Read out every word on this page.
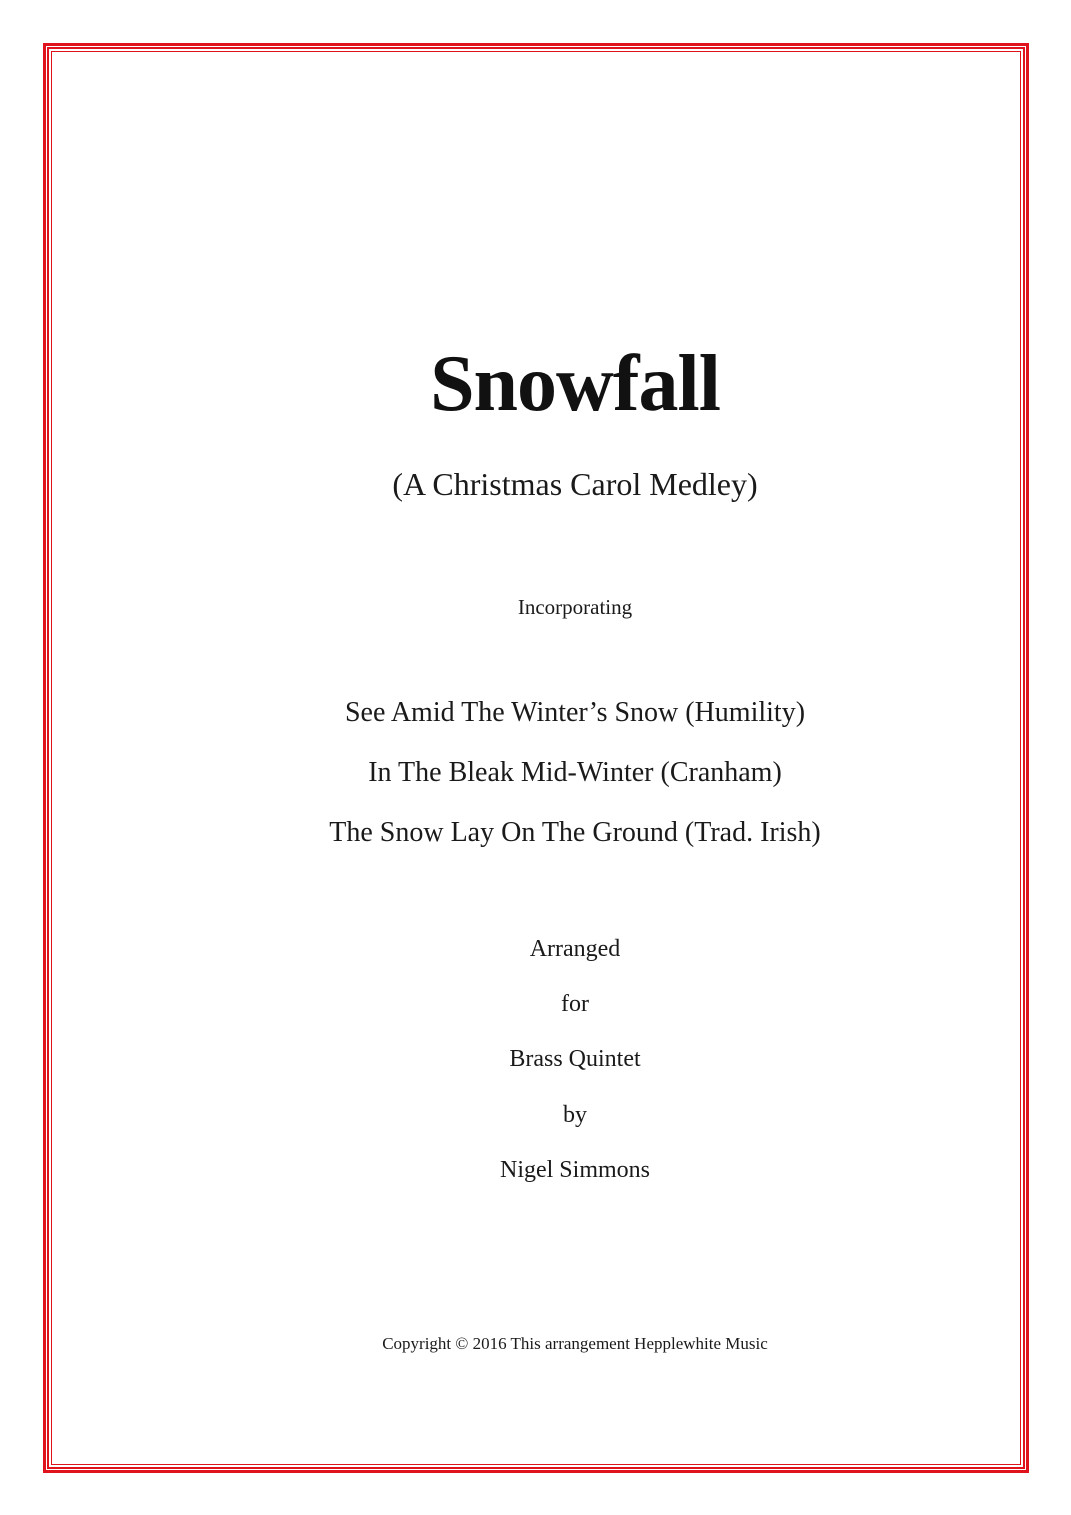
Snowfall

(A Christmas Carol Medley)

Incorporating

See Amid The Winter’s Snow (Humility)

In The Bleak Mid-Winter (Cranham)

The Snow Lay On The Ground (Trad. Irish)

Arranged

for

Brass Quintet

by

Nigel Simmons

Copyright © 2016 This arrangement Hepplewhite Music
